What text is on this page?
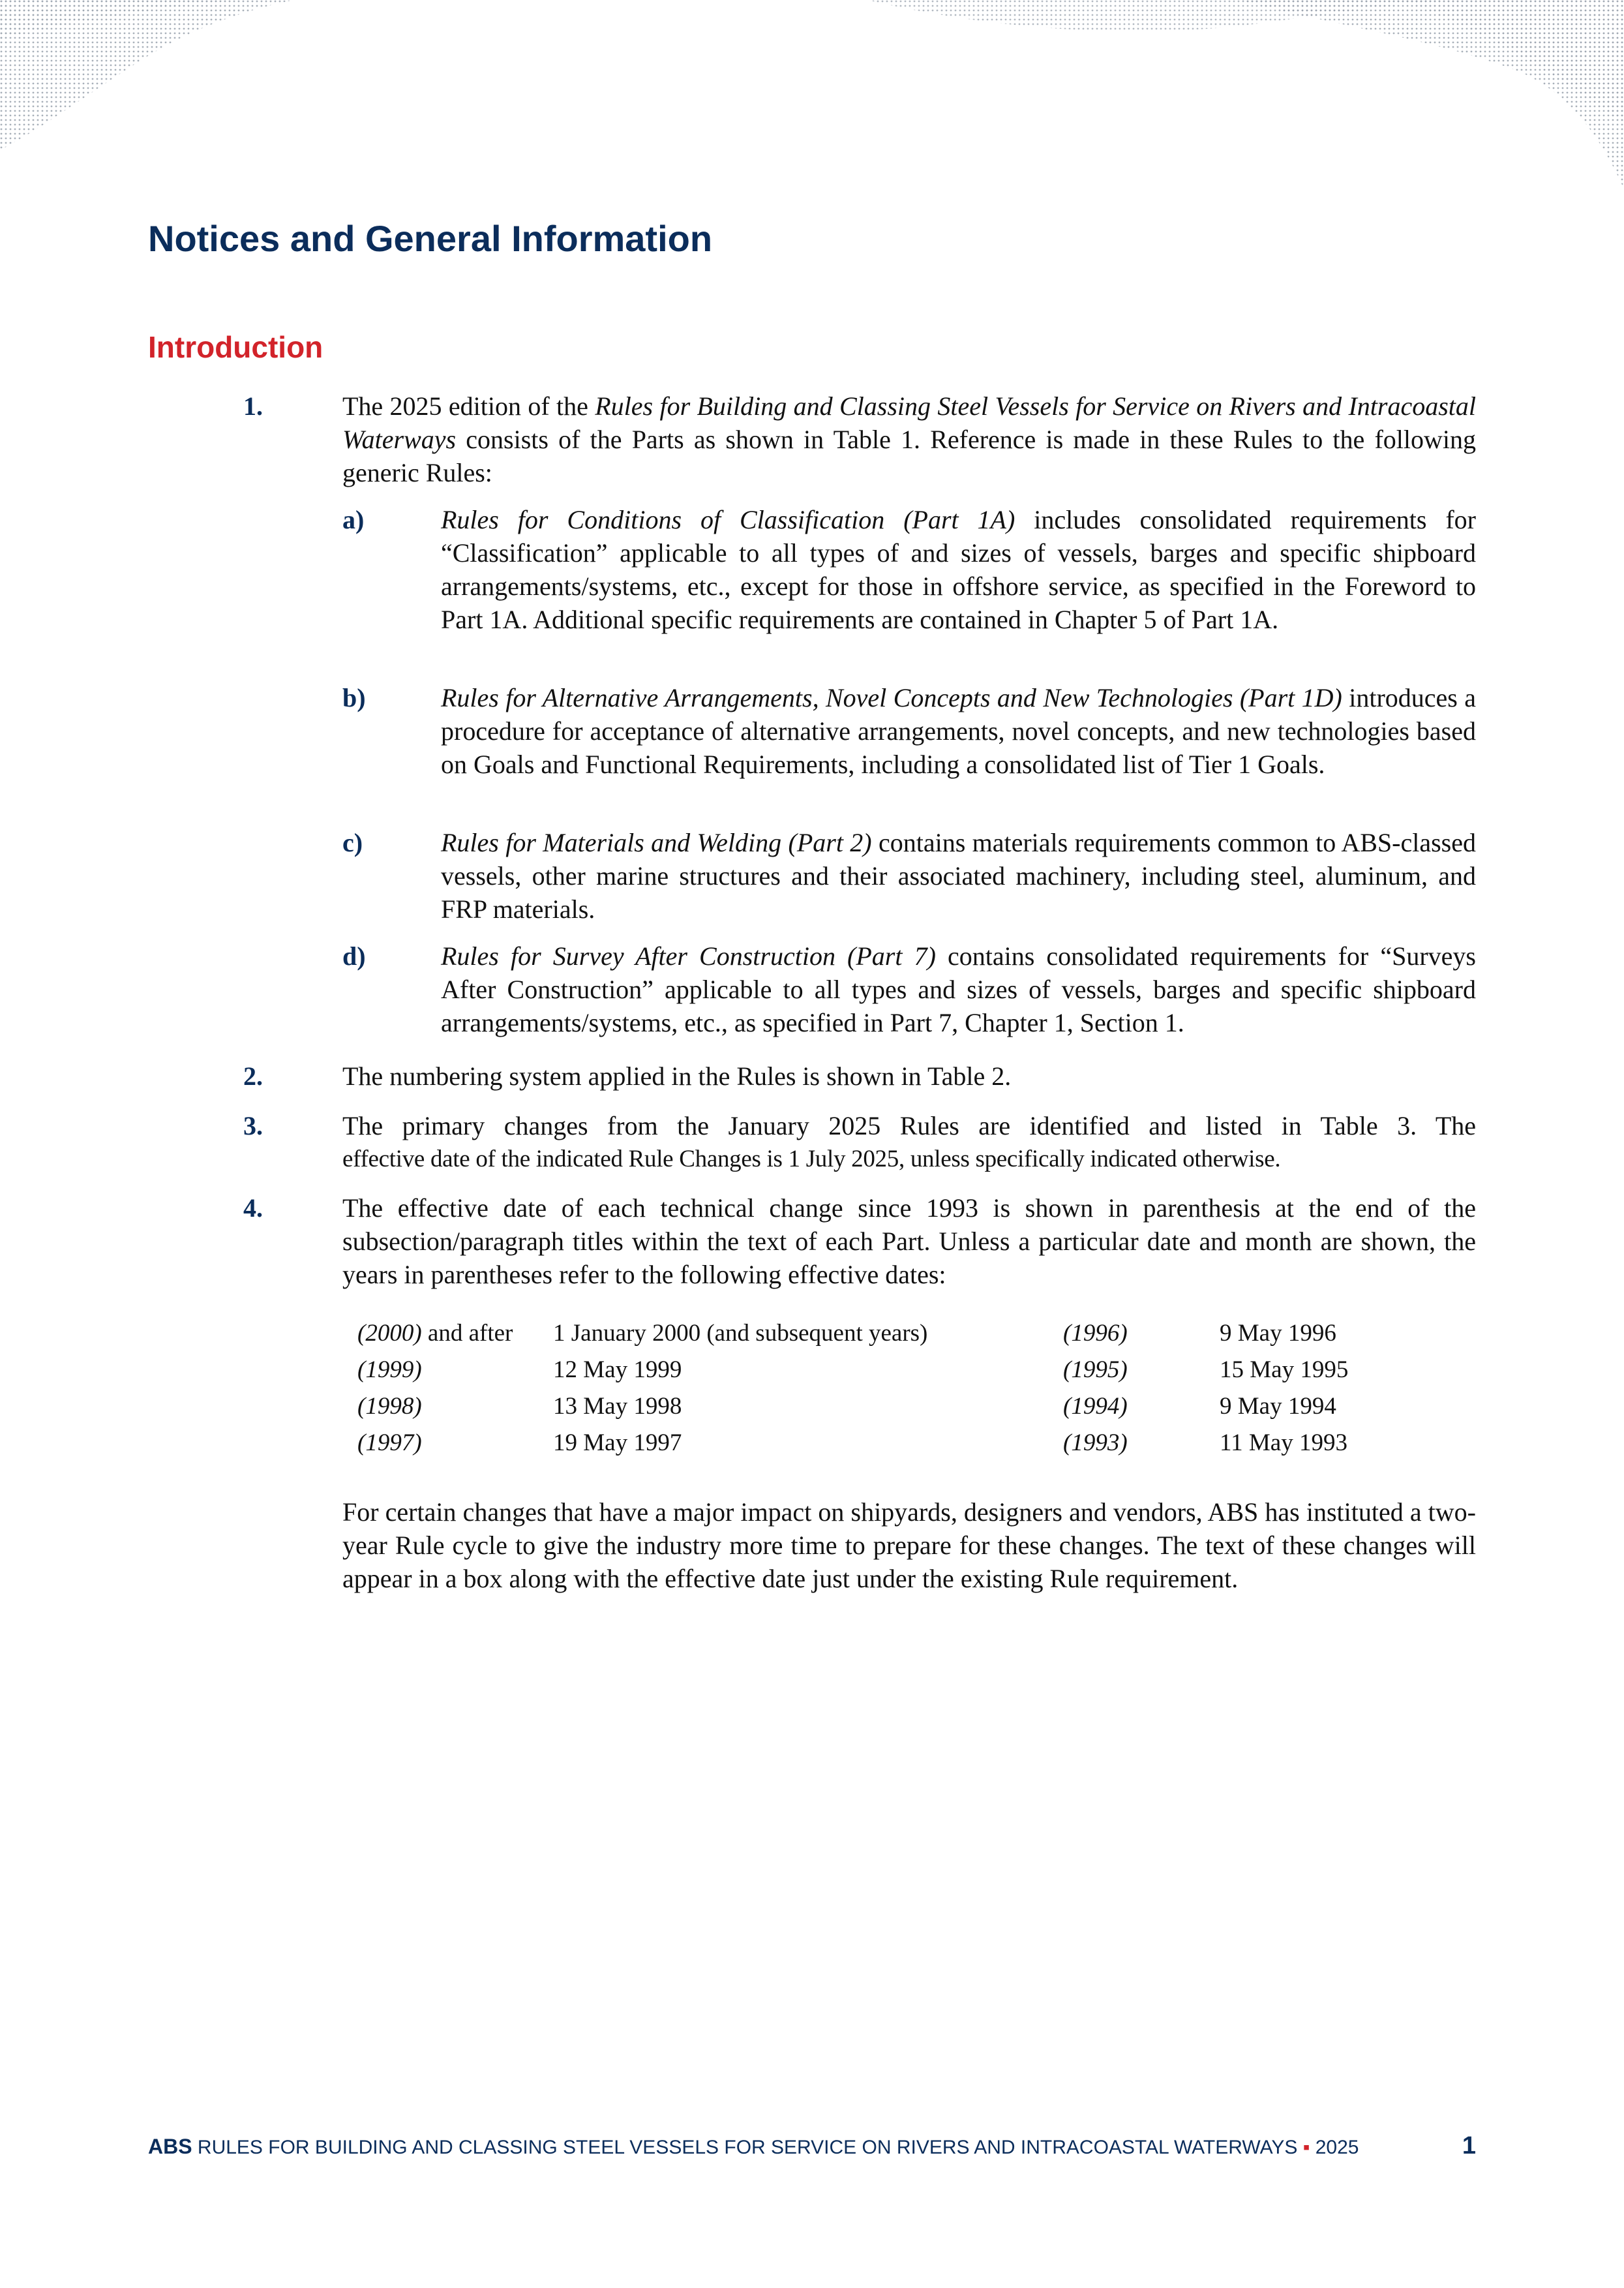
Notices and General Information
Introduction
1.	The 2025 edition of the Rules for Building and Classing Steel Vessels for Service on Rivers and Intracoastal Waterways consists of the Parts as shown in Table 1. Reference is made in these Rules to the following generic Rules:
a)	Rules for Conditions of Classification (Part 1A) includes consolidated requirements for “Classification” applicable to all types of and sizes of vessels, barges and specific shipboard arrangements/systems, etc., except for those in offshore service, as specified in the Foreword to Part 1A. Additional specific requirements are contained in Chapter 5 of Part 1A.
b)	Rules for Alternative Arrangements, Novel Concepts and New Technologies (Part 1D) introduces a procedure for acceptance of alternative arrangements, novel concepts, and new technologies based on Goals and Functional Requirements, including a consolidated list of Tier 1 Goals.
c)	Rules for Materials and Welding (Part 2) contains materials requirements common to ABS-classed vessels, other marine structures and their associated machinery, including steel, aluminum, and FRP materials.
d)	Rules for Survey After Construction (Part 7) contains consolidated requirements for “Surveys After Construction” applicable to all types and sizes of vessels, barges and specific shipboard arrangements/systems, etc., as specified in Part 7, Chapter 1, Section 1.
2.	The numbering system applied in the Rules is shown in Table 2.
3.	The primary changes from the January 2025 Rules are identified and listed in Table 3. The
effective date of the indicated Rule Changes is 1 July 2025, unless specifically indicated otherwise.
4.	The effective date of each technical change since 1993 is shown in parenthesis at the end of the subsection/paragraph titles within the text of each Part. Unless a particular date and month are shown, the years in parentheses refer to the following effective dates:
(2000) and after 1 January 2000 (and subsequent years)	(1996)	9 May 1996
(1999)	12 May 1999	(1995)	15 May 1995
(1998)	13 May 1998	(1994)	9 May 1994
(1997)	19 May 1997	(1993)	11 May 1993
For certain changes that have a major impact on shipyards, designers and vendors, ABS has instituted a two-year Rule cycle to give the industry more time to prepare for these changes. The text of these changes will appear in a box along with the effective date just under the existing Rule requirement.
ABS RULES FOR BUILDING AND CLASSING STEEL VESSELS FOR SERVICE ON RIVERS AND INTRACOASTAL WATERWAYS ▪ 2025	1
